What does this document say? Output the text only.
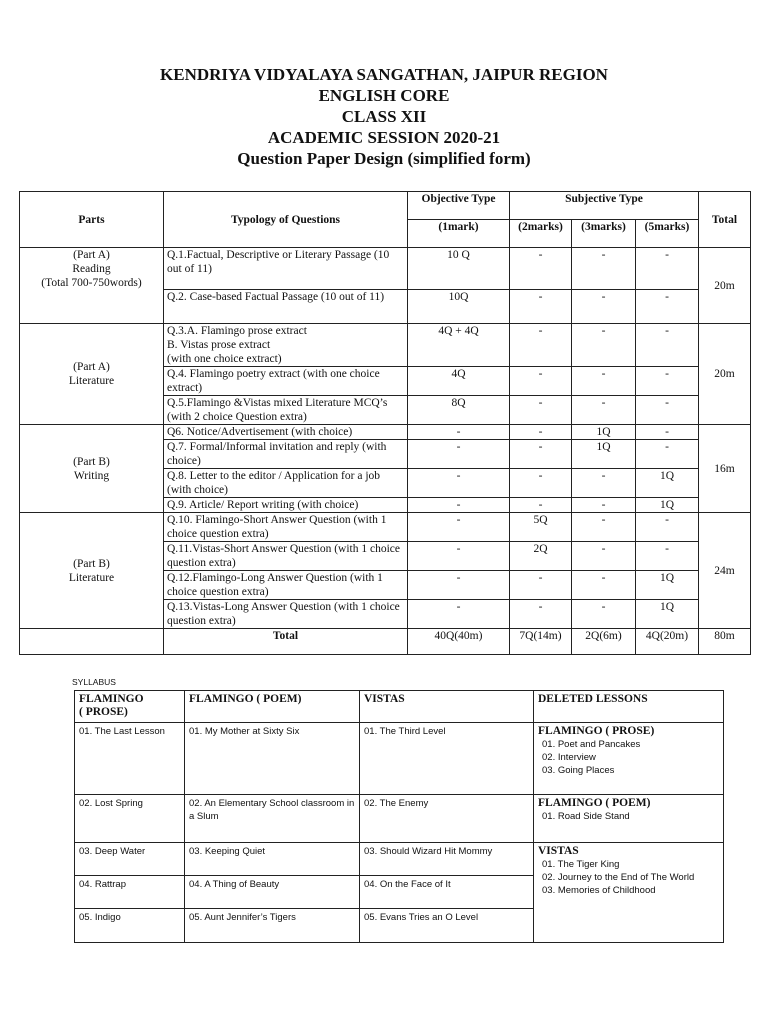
KENDRIYA VIDYALAYA SANGATHAN, JAIPUR REGION
ENGLISH CORE
CLASS XII
ACADEMIC SESSION 2020-21
Question Paper Design (simplified form)
Parts	Typology of Questions	Objective Type	Subjective Type			Total
		(1mark)	(2marks)	(3marks)	(5marks)	
(Part A)
Reading
(Total 700-750words)	Q.1.Factual, Descriptive or Literary Passage (10 out of 11)	10 Q	-	-	-	20m
	Q.2. Case-based Factual Passage (10 out of 11)	10Q	-	-	-	
(Part A)
Literature	Q.3.A. Flamingo prose extract
B. Vistas prose extract
(with one choice extract)	4Q + 4Q	-	-	-	20m
	Q.4. Flamingo poetry extract (with one choice extract)	4Q	-	-	-	
	Q.5.Flamingo &Vistas mixed Literature MCQ’s (with 2 choice Question extra)	8Q	-	-	-	
(Part B)
Writing	Q6. Notice/Advertisement (with choice)	-	-	1Q	-	16m
	Q.7. Formal/Informal invitation and reply (with choice)	-	-	1Q	-	
	Q.8. Letter to the editor / Application for a job (with choice)	-	-	-	1Q	
	Q.9. Article/ Report writing (with choice)	-	-	-	1Q	
(Part B)
Literature	Q.10. Flamingo-Short Answer Question (with 1 choice question extra)	-	5Q	-	-	24m
	Q.11.Vistas-Short Answer Question (with 1 choice question extra)	-	2Q	-	-	
	Q.12.Flamingo-Long Answer Question (with 1 choice question extra)	-	-	-	1Q	
	Q.13.Vistas-Long Answer Question (with 1 choice question extra)	-	-	-	1Q	
	Total	40Q(40m)	7Q(14m)	2Q(6m)	4Q(20m)	80m
SYLLABUS
FLAMINGO
( PROSE)	FLAMINGO ( POEM)	VISTAS	DELETED LESSONS
01. The Last Lesson	01. My Mother at Sixty Six	01. The Third Level	FLAMINGO ( PROSE)
01. Poet and Pancakes
02. Interview
03. Going Places

02. Lost Spring	02. An Elementary School classroom in a Slum	02. The Enemy	FLAMINGO ( POEM)
01. Road Side Stand

03. Deep Water	03. Keeping Quiet	03. Should Wizard Hit Mommy	VISTAS
01. The Tiger King
02. Journey to the End of The World
03. Memories of Childhood

04. Rattrap	04. A Thing of Beauty	04. On the Face of It	
05. Indigo	05. Aunt Jennifer’s Tigers	05. Evans Tries an O Level	
